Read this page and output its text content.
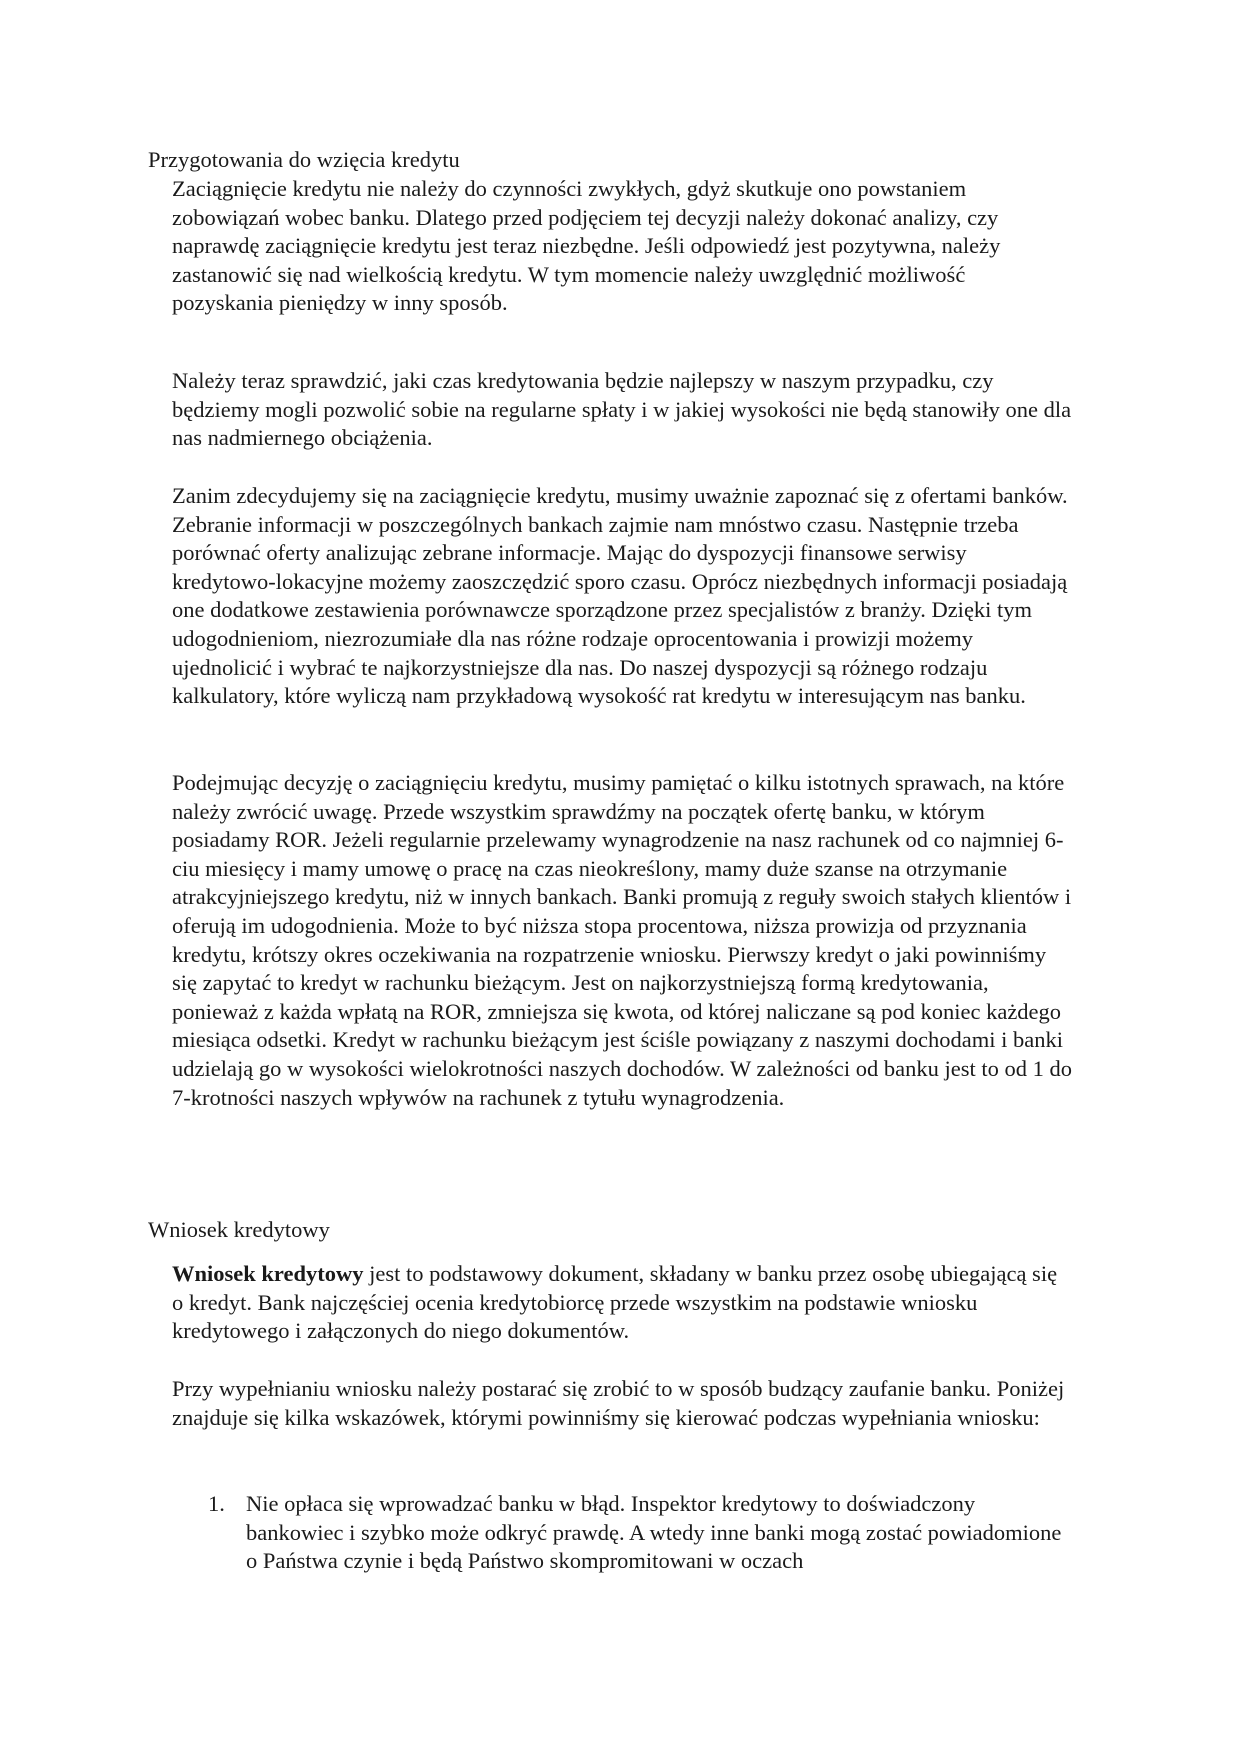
Przygotowania do wzięcia kredytu

Zaciągnięcie kredytu nie należy do czynności zwykłych, gdyż skutkuje ono powstaniem zobowiązań wobec banku. Dlatego przed podjęciem tej decyzji należy dokonać analizy, czy naprawdę zaciągnięcie kredytu jest teraz niezbędne. Jeśli odpowiedź jest pozytywna, należy zastanowić się nad wielkością kredytu. W tym momencie należy uwzględnić możliwość pozyskania pieniędzy w inny sposób.

Należy teraz sprawdzić, jaki czas kredytowania będzie najlepszy w naszym przypadku, czy będziemy mogli pozwolić sobie na regularne spłaty i w jakiej wysokości nie będą stanowiły one dla nas nadmiernego obciążenia.

Zanim zdecydujemy się na zaciągnięcie kredytu, musimy uważnie zapoznać się z ofertami banków. Zebranie informacji w poszczególnych bankach zajmie nam mnóstwo czasu. Następnie trzeba porównać oferty analizując zebrane informacje. Mając do dyspozycji finansowe serwisy kredytowo-lokacyjne możemy zaoszczędzić sporo czasu. Oprócz niezbędnych informacji posiadają one dodatkowe zestawienia porównawcze sporządzone przez specjalistów z branży. Dzięki tym udogodnieniom, niezrozumiałe dla nas różne rodzaje oprocentowania i prowizji możemy ujednolicić i wybrać te najkorzystniejsze dla nas. Do naszej dyspozycji są różnego rodzaju kalkulatory, które wyliczą nam przykładową wysokość rat kredytu w interesującym nas banku.

Podejmując decyzję o zaciągnięciu kredytu, musimy pamiętać o kilku istotnych sprawach, na które należy zwrócić uwagę. Przede wszystkim sprawdźmy na początek ofertę banku, w którym posiadamy ROR. Jeżeli regularnie przelewamy wynagrodzenie na nasz rachunek od co najmniej 6-ciu miesięcy i mamy umowę o pracę na czas nieokreślony, mamy duże szanse na otrzymanie atrakcyjniejszego kredytu, niż w innych bankach. Banki promują z reguły swoich stałych klientów i oferują im udogodnienia. Może to być niższa stopa procentowa, niższa prowizja od przyznania kredytu, krótszy okres oczekiwania na rozpatrzenie wniosku. Pierwszy kredyt o jaki powinniśmy się zapytać to kredyt w rachunku bieżącym. Jest on najkorzystniejszą formą kredytowania, ponieważ z każda wpłatą na ROR, zmniejsza się kwota, od której naliczane są pod koniec każdego miesiąca odsetki. Kredyt w rachunku bieżącym jest ściśle powiązany z naszymi dochodami i banki udzielają go w wysokości wielokrotności naszych dochodów. W zależności od banku jest to od 1 do 7-krotności naszych wpływów na rachunek z tytułu wynagrodzenia.

Wniosek kredytowy

Wniosek kredytowy jest to podstawowy dokument, składany w banku przez osobę ubiegającą się o kredyt. Bank najczęściej ocenia kredytobiorcę przede wszystkim na podstawie wniosku kredytowego i załączonych do niego dokumentów.

Przy wypełnianiu wniosku należy postarać się zrobić to w sposób budzący zaufanie banku. Poniżej znajduje się kilka wskazówek, którymi powinniśmy się kierować podczas wypełniania wniosku:

1. Nie opłaca się wprowadzać banku w błąd. Inspektor kredytowy to doświadczony bankowiec i szybko może odkryć prawdę. A wtedy inne banki mogą zostać powiadomione o Państwa czynie i będą Państwo skompromitowani w oczach
